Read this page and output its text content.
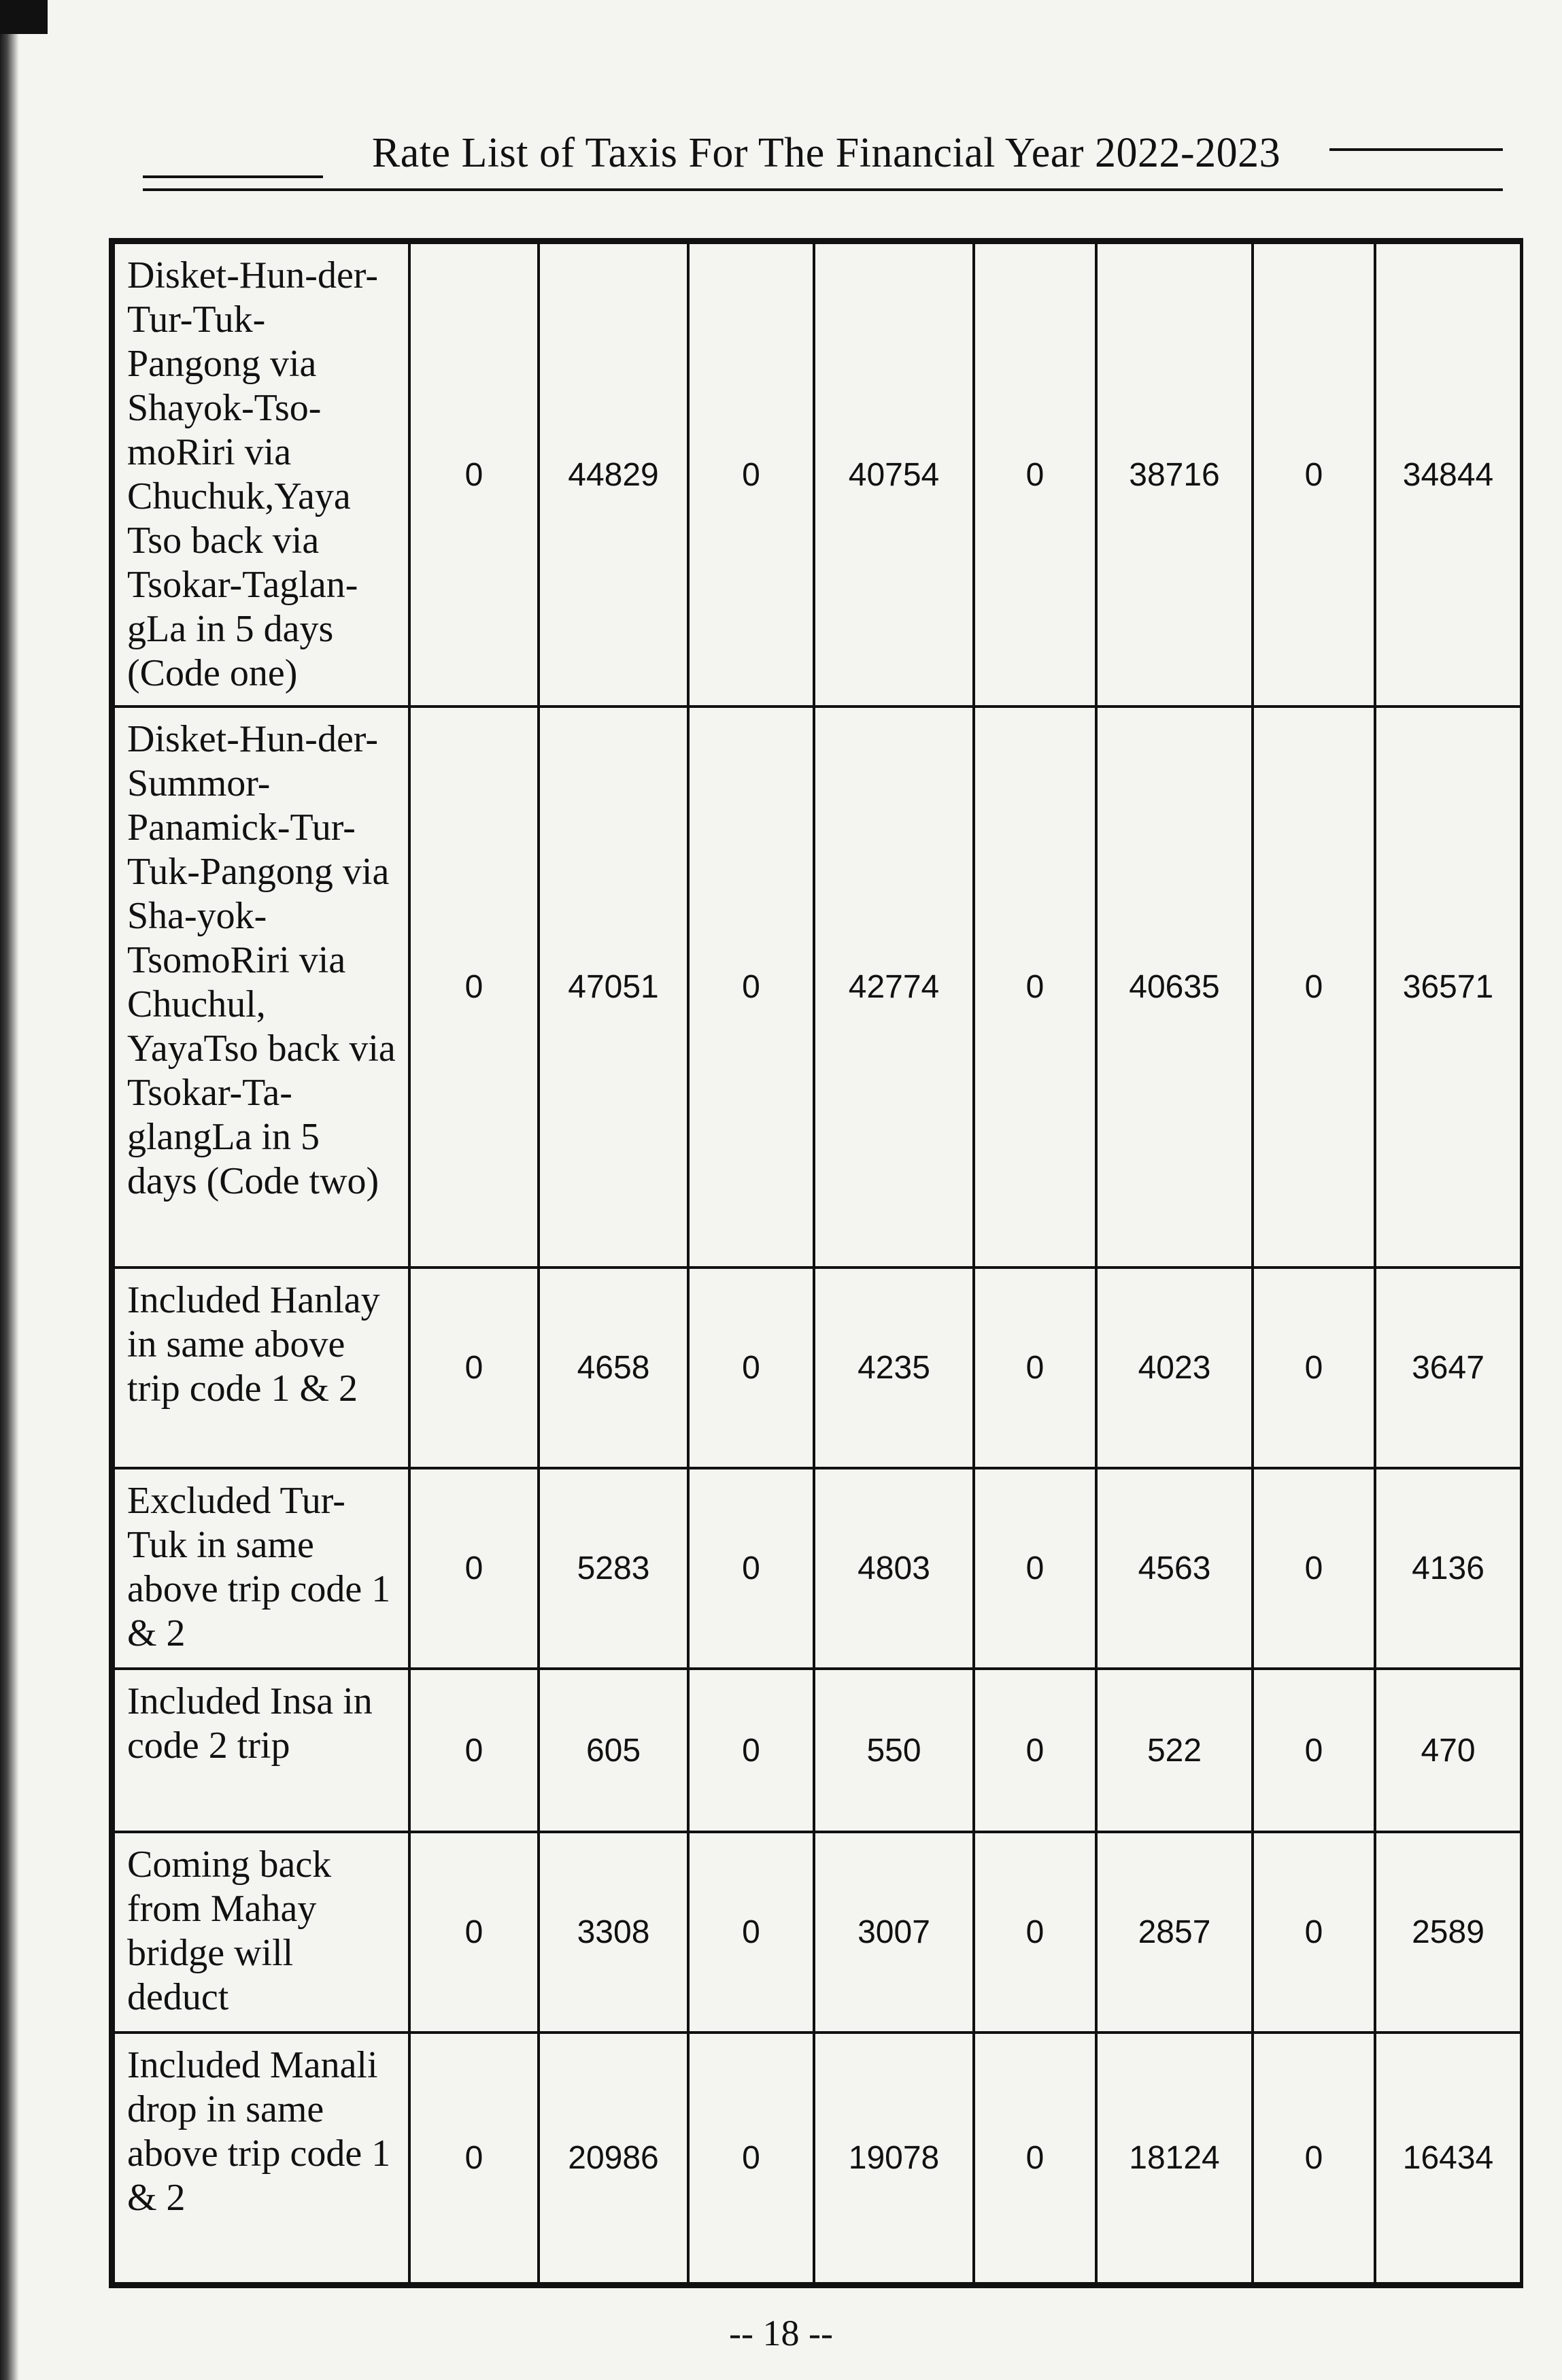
Rate List of Taxis For The Financial Year 2022-2023
Disket-Hun-der-Tur-Tuk-Pangong via Shayok-Tso-moRiri via Chuchuk,Yaya Tso back via Tsokar-Taglan-gLa in 5 days (Code one)	0	44829	0	40754	0	38716	0	34844
Disket-Hun-der-Summor-Panamick-Tur-Tuk-Pangong via Sha-yok-TsomoRiri via Chuchul, YayaTso back via Tsokar-Ta-glangLa in 5 days (Code two)	0	47051	0	42774	0	40635	0	36571
Included Hanlay in same above trip code 1 & 2	0	4658	0	4235	0	4023	0	3647
Excluded Tur-Tuk in same above trip code 1 & 2	0	5283	0	4803	0	4563	0	4136
Included Insa in code 2 trip	0	605	0	550	0	522	0	470
Coming back from Mahay bridge will deduct	0	3308	0	3007	0	2857	0	2589
Included Manali drop in same above trip code 1 & 2	0	20986	0	19078	0	18124	0	16434
-- 18 --
